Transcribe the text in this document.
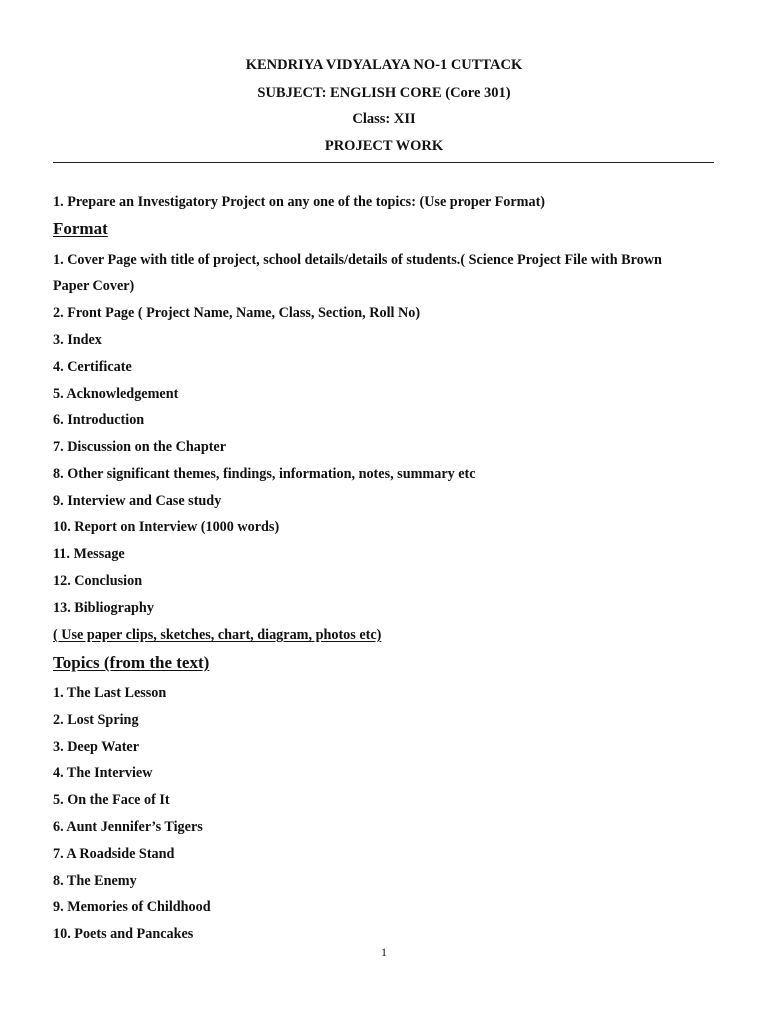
KENDRIYA VIDYALAYA NO-1 CUTTACK
SUBJECT: ENGLISH CORE (Core 301)
Class: XII
PROJECT WORK
1. Prepare an Investigatory Project on any one of the topics: (Use proper Format)
Format
1. Cover Page with title of project, school details/details of students.( Science Project File with Brown
Paper Cover)
2. Front Page ( Project Name, Name, Class, Section, Roll No)
3. Index
4. Certificate
5. Acknowledgement
6. Introduction
7. Discussion on the Chapter
8. Other significant themes, findings, information, notes, summary etc
9. Interview and Case study
10. Report on Interview (1000 words)
11. Message
12. Conclusion
13. Bibliography
( Use paper clips, sketches, chart, diagram, photos etc)
Topics (from the text)
1. The Last Lesson
2. Lost Spring
3. Deep Water
4. The Interview
5. On the Face of It
6. Aunt Jennifer’s Tigers
7. A Roadside Stand
8. The Enemy
9. Memories of Childhood
10. Poets and Pancakes
1
